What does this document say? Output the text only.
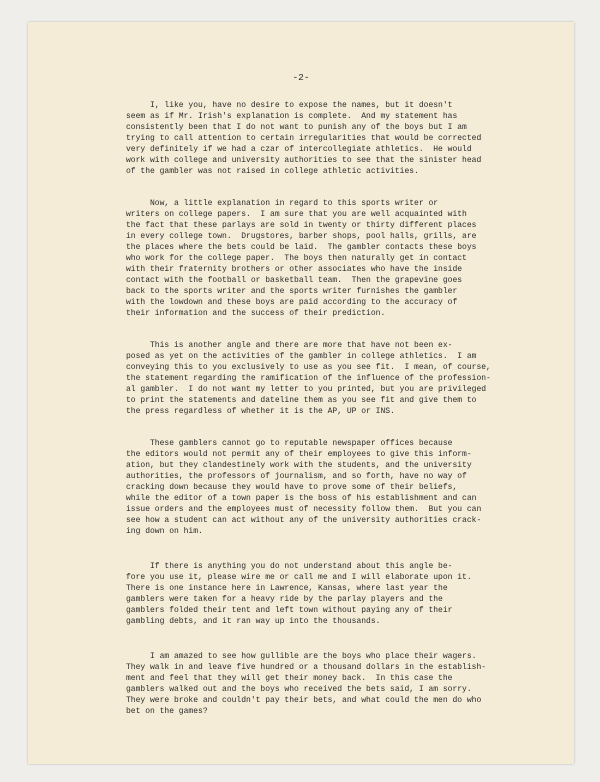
-2-
I, like you, have no desire to expose the names, but it doesn't
seem as if Mr. Irish's explanation is complete.  And my statement has
consistently been that I do not want to punish any of the boys but I am
trying to call attention to certain irregularities that would be corrected
very definitely if we had a czar of intercollegiate athletics.  He would
work with college and university authorities to see that the sinister head
of the gambler was not raised in college athletic activities.
Now, a little explanation in regard to this sports writer or
writers on college papers.  I am sure that you are well acquainted with
the fact that these parlays are sold in twenty or thirty different places
in every college town.  Drugstores, barber shops, pool halls, grills, are
the places where the bets could be laid.  The gambler contacts these boys
who work for the college paper.  The boys then naturally get in contact
with their fraternity brothers or other associates who have the inside
contact with the football or basketball team.  Then the grapevine goes
back to the sports writer and the sports writer furnishes the gambler
with the lowdown and these boys are paid according to the accuracy of
their information and the success of their prediction.
This is another angle and there are more that have not been ex-
posed as yet on the activities of the gambler in college athletics.  I am
conveying this to you exclusively to use as you see fit.  I mean, of course,
the statement regarding the ramification of the influence of the profession-
al gambler.  I do not want my letter to you printed, but you are privileged
to print the statements and dateline them as you see fit and give them to
the press regardless of whether it is the AP, UP or INS.
These gamblers cannot go to reputable newspaper offices because
the editors would not permit any of their employees to give this inform-
ation, but they clandestinely work with the students, and the university
authorities, the professors of journalism, and so forth, have no way of
cracking down because they would have to prove some of their beliefs,
while the editor of a town paper is the boss of his establishment and can
issue orders and the employees must of necessity follow them.  But you can
see how a student can act without any of the university authorities crack-
ing down on him.
If there is anything you do not understand about this angle be-
fore you use it, please wire me or call me and I will elaborate upon it.
There is one instance here in Lawrence, Kansas, where last year the
gamblers were taken for a heavy ride by the parlay players and the
gamblers folded their tent and left town without paying any of their
gambling debts, and it ran way up into the thousands.
I am amazed to see how gullible are the boys who place their wagers.
They walk in and leave five hundred or a thousand dollars in the establish-
ment and feel that they will get their money back.  In this case the
gamblers walked out and the boys who received the bets said, I am sorry.
They were broke and couldn't pay their bets, and what could the men do who
bet on the games?
